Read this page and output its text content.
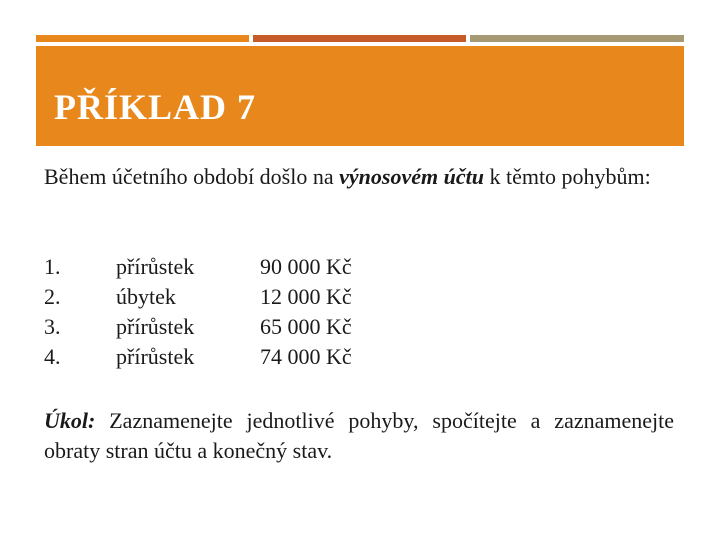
PŘÍKLAD 7
Během účetního období došlo na výnosovém účtu k těmto pohybům:
1.	přírůstek	90 000 Kč
2.	úbytek	12 000 Kč
3.	přírůstek	65 000 Kč
4.	přírůstek	74 000 Kč
Úkol: Zaznamenejte jednotlivé pohyby, spočítejte a zaznamenejte obraty stran účtu a konečný stav.
